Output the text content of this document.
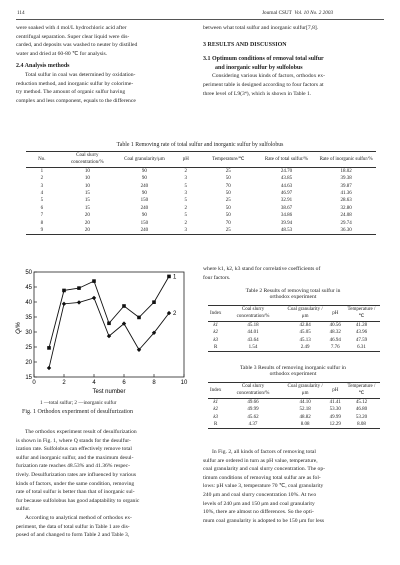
114	Journal CSUT Vol. 10 No. 2 2003

were soaked with 4 mol/L hydrochloric acid after

centrifugal separation. Super clear liquid were dis-

carded, and deposits was washed to neuter by distilled

water and dried at 60-80 ℃ for analysis.

2.4 Analysis methods

Total sulfur in coal was determined by oxidation-

reduction method, and inorganic sulfur by colorime-

try method. The amount of organic sulfur having

complex and less component, equals to the difference

between what total sulfur and inorganic sulfur[7,8].

3 RESULTS AND DISCUSSION

3.1 Optimum conditions of removal total sulfur

and inorganic sulfur by sulfolobus

Considering various kinds of factors, orthodox ex-

periment table is designed according to four factors at

three level of L9(3⁴), which is shown in Table 1.

Table 1 Removing rate of total sulfur and inorganic sulfur by sulfolobus
No.	Coal slurry concentration/%	Coal granularity/μm	pH	Temperature/℃	Rate of total sulfur/%	Rate of inorganic sulfur/%
1	10	90	2	25	24.70	18.02
2	10	90	3	50	43.85	39.38
3	10	240	5	70	44.63	39.87
4	15	90	3	50	46.97	41.36
5	15	150	5	25	32.91	28.63
6	15	240	2	50	38.67	32.80
7	20	90	5	50	34.86	24.08
8	20	150	2	70	39.94	29.74
9	20	240	3	25	48.53	36.30
15
20
25
30
35
40
45
50
0	2	4	6	8	10
1
2
Q/%
Test number
1 —total sulfur; 2 —inorganic sulfur
Fig. 1 Orthodox experiment of desulfurization

The orthodox experiment result of desulfurization

is shown in Fig. 1, where Q stands for the desulfur-

ization rate. Sulfolobus can effectively remove total

sulfur and inorganic sulfur, and the maximum desul-

furization rate reaches 48.53% and 41.36% respec-

tively. Desulfurization rates are influenced by various

kinds of factors, under the same condition, removing

rate of total sulfur is better than that of inorganic sul-

fur because sulfolobus has good adaptability to organic

sulfur.

According to analytical method of orthodox ex-

periment, the data of total sulfur in Table 1 are dis-

posed of and changed to form Table 2 and Table 3,

where k1, k2, k3 stand for correlative coefficients of

four factors.

Table 2 Results of removing total sulfur in
orthodox experiment
Index	Coal slurry concentration/%	Coal granularity /μm	pH	Temperature /℃
k1	45.18	42.84	40.56	41.28
k2	44.01	45.05	48.32	43.96
k3	43.64	45.13	46.94	47.59
R	1.54	2.49	7.76	6.31
Table 3 Results of removing inorganic sulfur in
orthodox experiment
Index	Coal slurry concentration/%	Coal granularity /μm	pH	Temperature /℃
k1	49.66	44.10	41.41	45.12
k2	49.99	52.18	53.30	46.80
k3	45.62	48.82	49.99	53.20
R	4.37	8.08	12.29	8.08

In Fig. 2, all kinds of factors of removing total

sulfur are ordered in turn as pH value, temperature,

coal granularity and coal slurry concentration. The op-

timum conditions of removing total sulfur are as fol-

lows: pH value 3, temperature 70 ℃, coal granularity

240 μm and coal slurry concentration 10%. At two

levels of 240 μm and 150 μm and coal granularity

10%, there are almost no differences. So the opti-

mum coal granularity is adopted to be 150 μm for less
